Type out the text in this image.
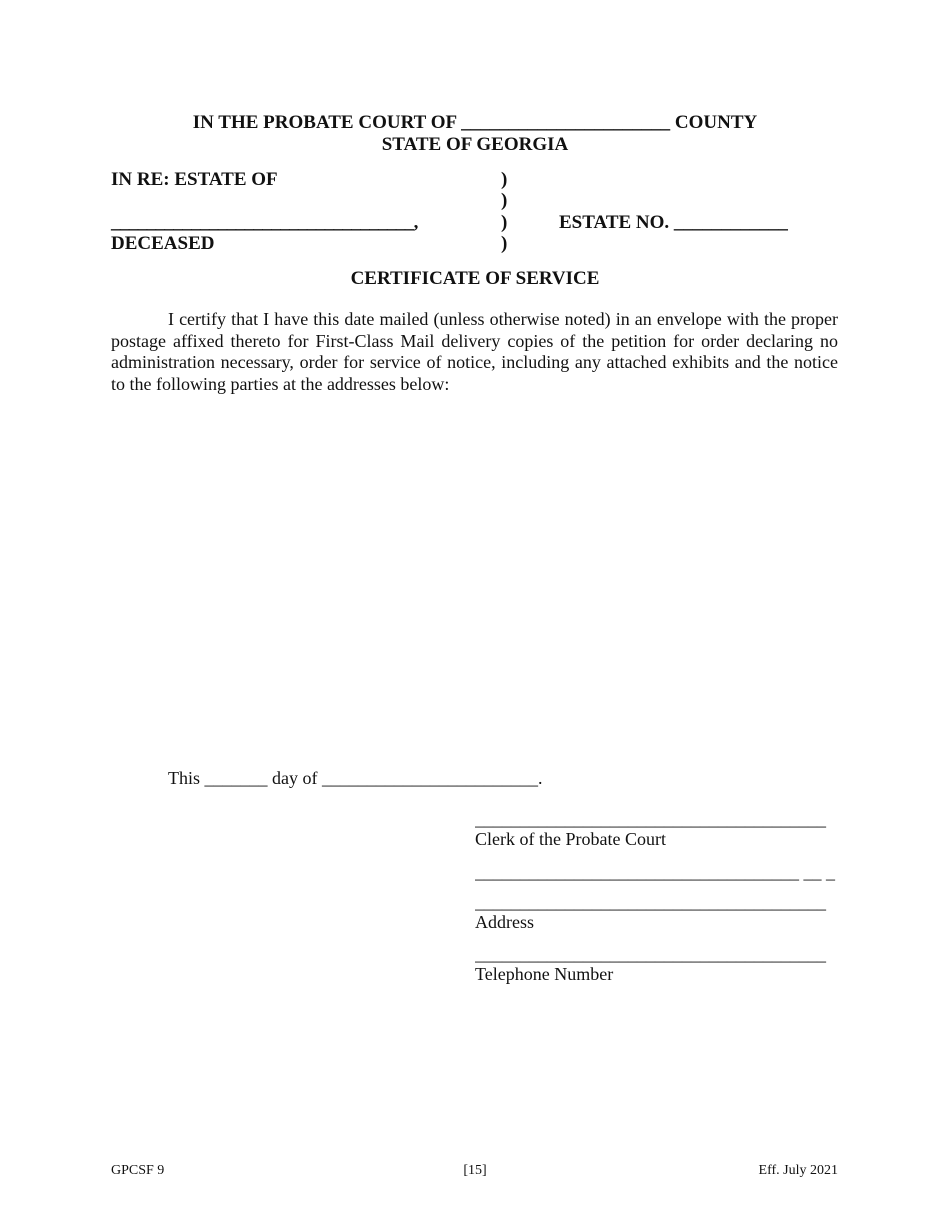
IN THE PROBATE COURT OF ______________________ COUNTY
STATE OF GEORGIA
IN RE: ESTATE OF
__________________________________,
DECEASED
)
)
)
)
ESTATE NO. ____________
CERTIFICATE OF SERVICE
I certify that I have this date mailed (unless otherwise noted) in an envelope with the proper postage affixed thereto for First-Class Mail delivery copies of the petition for order declaring no administration necessary, order for service of notice, including any attached exhibits and the notice to the following parties at the addresses below:
This _______ day of ________________________.
_______________________________________
Clerk of the Probate Court
____________________________________ __ _
_______________________________________
Address
_______________________________________
Telephone Number
GPCSF 9	[15]	Eff. July 2021
